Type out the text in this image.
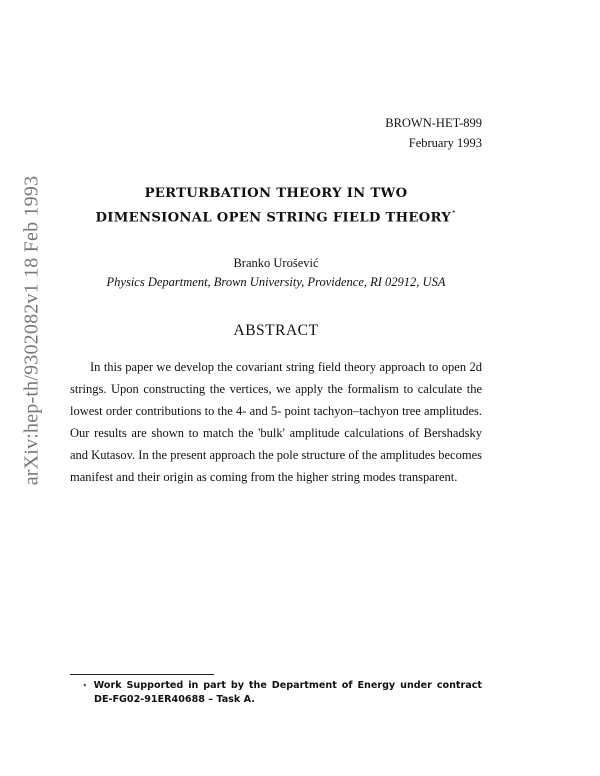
arXiv:hep-th/9302082v1 18 Feb 1993
BROWN-HET-899
February 1993
PERTURBATION THEORY IN TWO
DIMENSIONAL OPEN STRING FIELD THEORY⋆
Branko Urošević
Physics Department, Brown University, Providence, RI 02912, USA
ABSTRACT
In this paper we develop the covariant string field theory approach to open 2d
strings. Upon constructing the vertices, we apply the formalism to calculate the
lowest order contributions to the 4- and 5- point tachyon–tachyon tree amplitudes.
Our results are shown to match the 'bulk' amplitude calculations of Bershadsky
and Kutasov. In the present approach the pole structure of the amplitudes becomes
manifest and their origin as coming from the higher string modes transparent.
⋆ Work Supported in part by the Department of Energy under contract
DE-FG02-91ER40688 – Task A.
